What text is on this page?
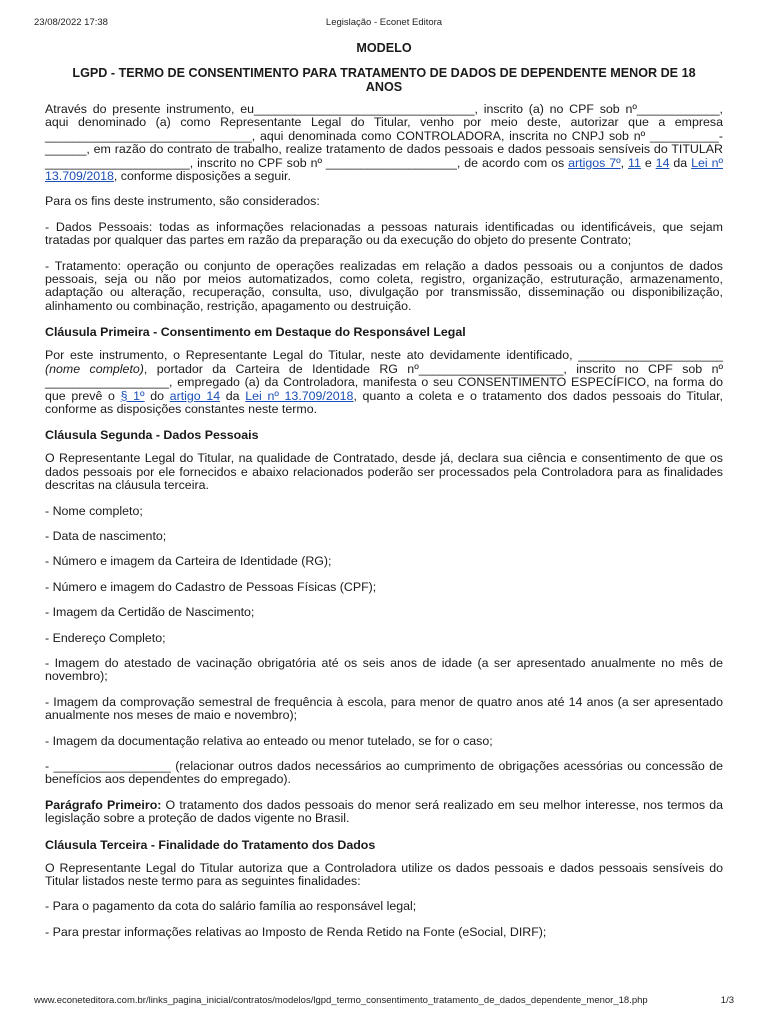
23/08/2022 17:38	Legislação - Econet Editora
MODELO
LGPD - TERMO DE CONSENTIMENTO PARA TRATAMENTO DE DADOS DE DEPENDENTE MENOR DE 18 ANOS

Através do presente instrumento, eu________________________________, inscrito (a) no CPF sob nº____________, aqui denominado (a) como Representante Legal do Titular, venho por meio deste, autorizar que a empresa ______________________________, aqui denominada como CONTROLADORA, inscrita no CNPJ sob nº __________-______, em razão do contrato de trabalho, realize tratamento de dados pessoais e dados pessoais sensíveis do TITULAR _____________________, inscrito no CPF sob nº ___________________, de acordo com os artigos 7º, 11 e 14 da Lei nº 13.709/2018, conforme disposições a seguir.

Para os fins deste instrumento, são considerados:

- Dados Pessoais: todas as informações relacionadas a pessoas naturais identificadas ou identificáveis, que sejam tratadas por qualquer das partes em razão da preparação ou da execução do objeto do presente Contrato;

- Tratamento: operação ou conjunto de operações realizadas em relação a dados pessoais ou a conjuntos de dados pessoais, seja ou não por meios automatizados, como coleta, registro, organização, estruturação, armazenamento, adaptação ou alteração, recuperação, consulta, uso, divulgação por transmissão, disseminação ou disponibilização, alinhamento ou combinação, restrição, apagamento ou destruição.

Cláusula Primeira - Consentimento em Destaque do Responsável Legal

Por este instrumento, o Representante Legal do Titular, neste ato devidamente identificado, _____________________ (nome completo), portador da Carteira de Identidade RG nº_____________________, inscrito no CPF sob nº __________________, empregado (a) da Controladora, manifesta o seu CONSENTIMENTO ESPECÍFICO, na forma do que prevê o § 1º do artigo 14 da Lei nº 13.709/2018, quanto a coleta e o tratamento dos dados pessoais do Titular, conforme as disposições constantes neste termo.

Cláusula Segunda - Dados Pessoais

O Representante Legal do Titular, na qualidade de Contratado, desde já, declara sua ciência e consentimento de que os dados pessoais por ele fornecidos e abaixo relacionados poderão ser processados pela Controladora para as finalidades descritas na cláusula terceira.

- Nome completo;

- Data de nascimento;

- Número e imagem da Carteira de Identidade (RG);

- Número e imagem do Cadastro de Pessoas Físicas (CPF);

- Imagem da Certidão de Nascimento;

- Endereço Completo;

- Imagem do atestado de vacinação obrigatória até os seis anos de idade (a ser apresentado anualmente no mês de novembro);

- Imagem da comprovação semestral de frequência à escola, para menor de quatro anos até 14 anos (a ser apresentado anualmente nos meses de maio e novembro);

- Imagem da documentação relativa ao enteado ou menor tutelado, se for o caso;

- _________________ (relacionar outros dados necessários ao cumprimento de obrigações acessórias ou concessão de benefícios aos dependentes do empregado).

Parágrafo Primeiro: O tratamento dos dados pessoais do menor será realizado em seu melhor interesse, nos termos da legislação sobre a proteção de dados vigente no Brasil.

Cláusula Terceira - Finalidade do Tratamento dos Dados

O Representante Legal do Titular autoriza que a Controladora utilize os dados pessoais e dados pessoais sensíveis do Titular listados neste termo para as seguintes finalidades:

- Para o pagamento da cota do salário família ao responsável legal;

- Para prestar informações relativas ao Imposto de Renda Retido na Fonte (eSocial, DIRF);

www.econeteditora.com.br/links_pagina_inicial/contratos/modelos/lgpd_termo_consentimento_tratamento_de_dados_dependente_menor_18.php	1/3
